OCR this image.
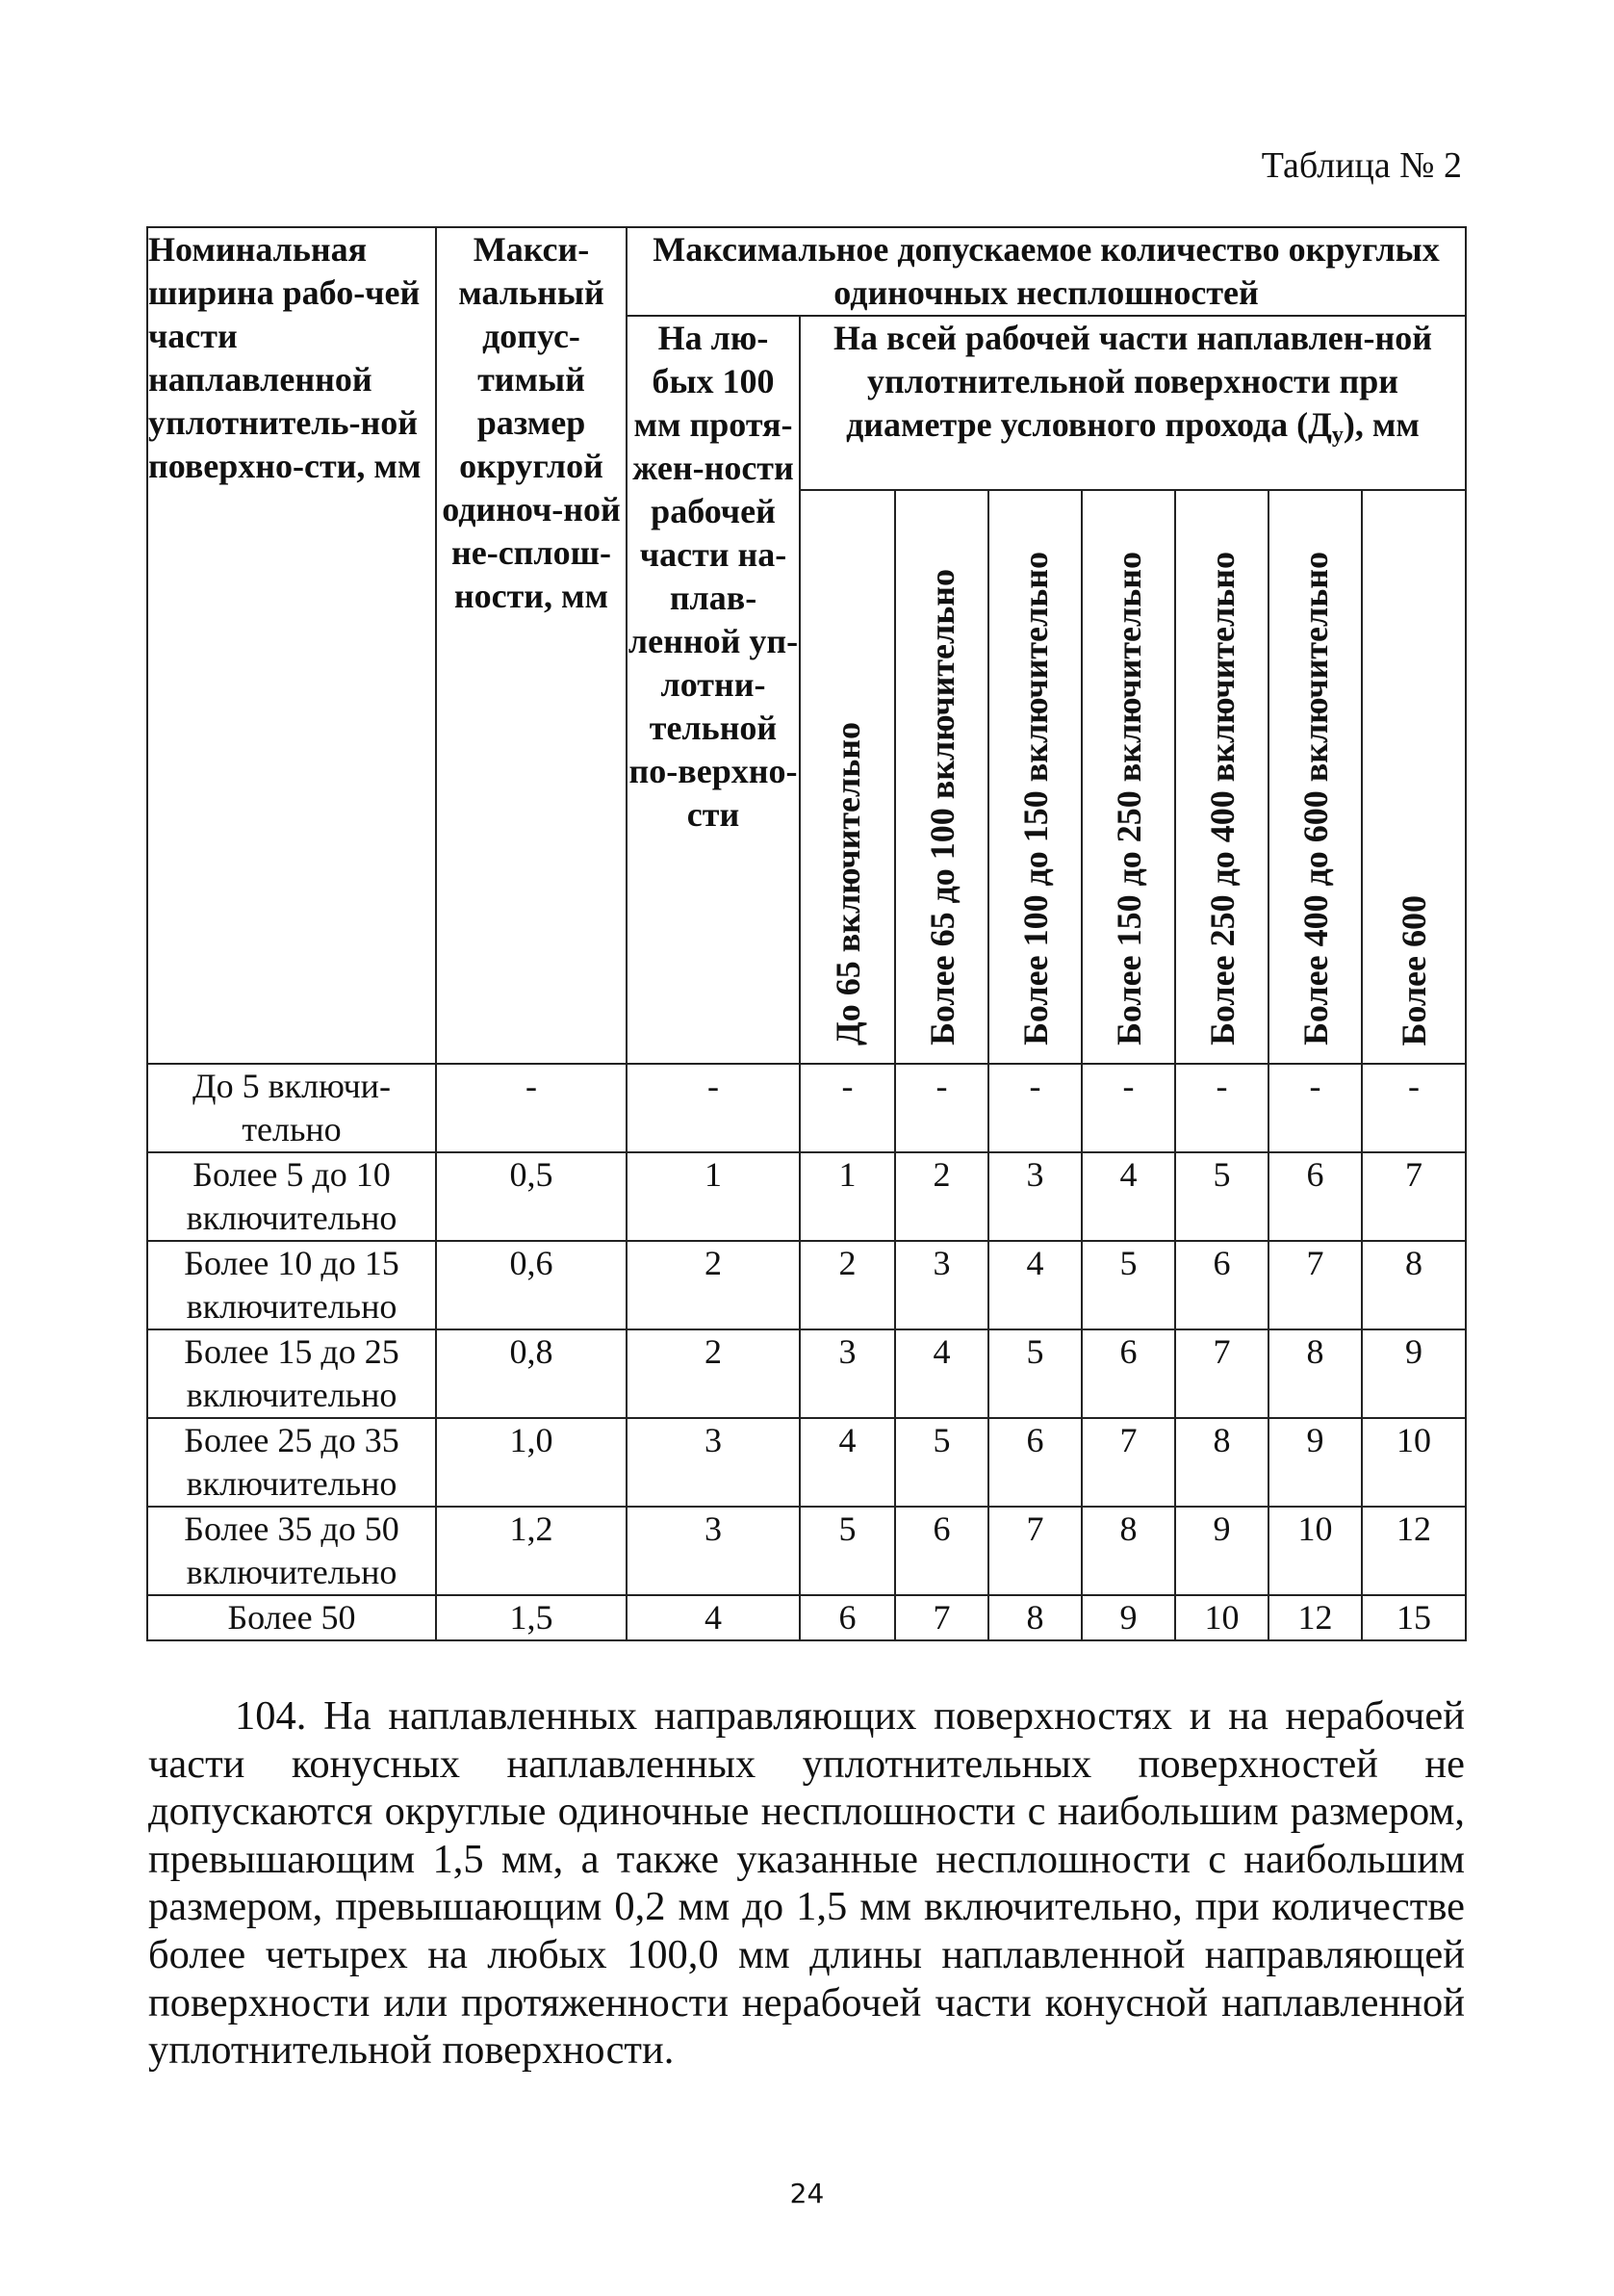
Таблица № 2
Номинальная ширина рабо-чей части наплавленной уплотнитель-ной поверхно-сти, мм	Макси-мальный допус-тимый размер округлой одиноч-ной не-сплош-ности, мм	Максимальное допускаемое количество округлых одиночных несплошностей							
		На лю-бых 100 мм протя-жен-ности рабочей части на-плав-ленной уп-лотни-тельной по-верхно-сти	На всей рабочей части наплавлен-ной уплотнительной поверхности при диаметре условного прохода $(Д_у)$, мм						

			До 65 включительно	Более 65 до 100 включительно	Более 100 до 150 включительно	Более 150 до 250 включительно	Более 250 до 400 включительно	Более 400 до 600 включительно	Более 600

До 5 включи-тельно	-	-	-	-	-	-	-	-	-
Более 5 до 10 включительно	0,5	1	1	2	3	4	5	6	7
Более 10 до 15 включительно	0,6	2	2	3	4	5	6	7	8
Более 15 до 25 включительно	0,8	2	3	4	5	6	7	8	9
Более 25 до 35 включительно	1,0	3	4	5	6	7	8	9	10
Более 35 до 50 включительно	1,2	3	5	6	7	8	9	10	12
Более 50	1,5	4	6	7	8	9	10	12	15
104. На наплавленных направляющих поверхностях и на нерабочей части конусных наплавленных уплотнительных поверхностей не допускаются округлые одиночные несплошности с наибольшим размером, превышающим 1,5 мм, а также указанные несплошности с наибольшим размером, превышающим 0,2 мм до 1,5 мм включительно, при количестве более четырех на любых 100,0 мм длины наплавленной направляющей поверхности или протяженности нерабочей части конусной наплавленной уплотнительной поверхности.
24
